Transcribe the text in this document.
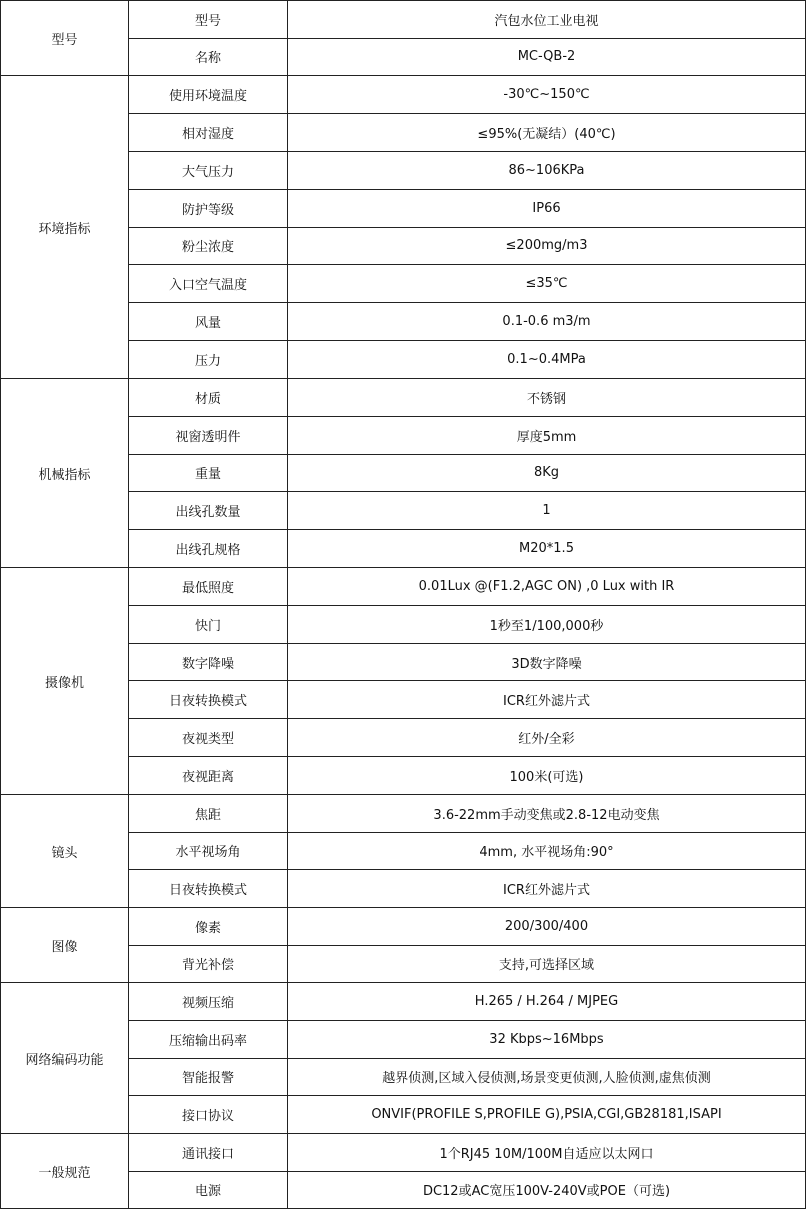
型号	型号	汽包水位工业电视
	名称	MC-QB-2
环境指标	使用环境温度	-30℃~150℃
	相对湿度	≤95%(无凝结）(40℃)
	大气压力	86~106KPa
	防护等级	IP66
	粉尘浓度	≤200mg/m3
	入口空气温度	≤35℃
	风量	0.1-0.6 m3/m
	压力	0.1~0.4MPa
机械指标	材质	不锈钢
	视窗透明件	厚度5mm
	重量	8Kg
	出线孔数量	1
	出线孔规格	M20*1.5
摄像机	最低照度	0.01Lux @(F1.2,AGC ON) ,0 Lux with IR
	快门	1秒至1/100,000秒
	数字降噪	3D数字降噪
	日夜转换模式	ICR红外滤片式
	夜视类型	红外/全彩
	夜视距离	100米(可选)
镜头	焦距	3.6-22mm手动变焦或2.8-12电动变焦
	水平视场角	4mm, 水平视场角:90°
	日夜转换模式	ICR红外滤片式
图像	像素	200/300/400
	背光补偿	支持,可选择区域
网络编码功能	视频压缩	H.265 / H.264 / MJPEG
	压缩输出码率	32 Kbps~16Mbps
	智能报警	越界侦测,区域入侵侦测,场景变更侦测,人脸侦测,虚焦侦测
	接口协议	ONVIF(PROFILE S,PROFILE G),PSIA,CGI,GB28181,ISAPI
一般规范	通讯接口	1个RJ45 10M/100M自适应以太网口
	电源	DC12或AC宽压100V-240V或POE（可选)
